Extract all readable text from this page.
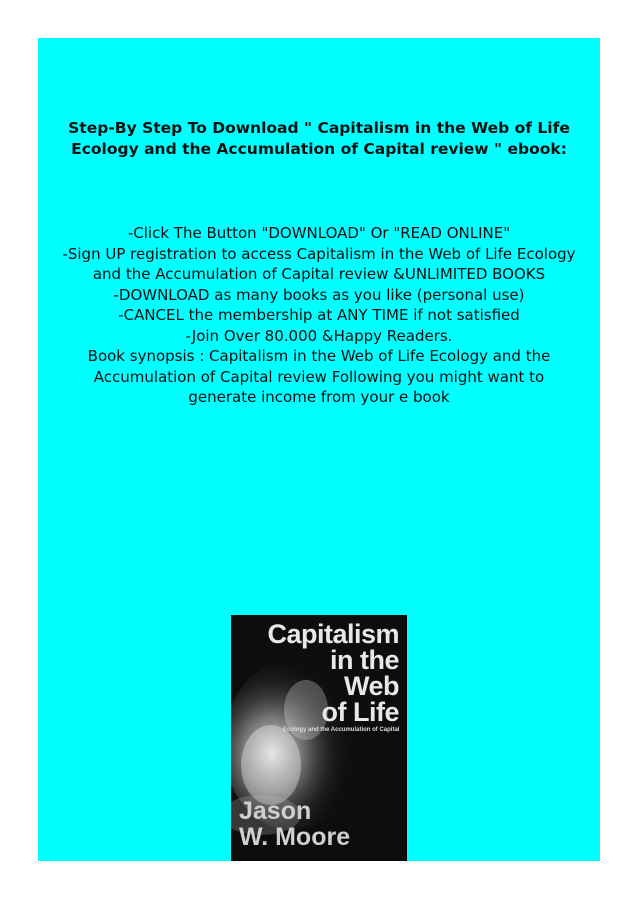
Step-By Step To Download " Capitalism in the Web of Life
Ecology and the Accumulation of Capital review " ebook:
-Click The Button "DOWNLOAD" Or "READ ONLINE"
-Sign UP registration to access Capitalism in the Web of Life Ecology
and the Accumulation of Capital review &UNLIMITED BOOKS
-DOWNLOAD as many books as you like (personal use)
-CANCEL the membership at ANY TIME if not satisfied
-Join Over 80.000 &Happy Readers.
Book synopsis : Capitalism in the Web of Life Ecology and the
Accumulation of Capital review Following you might want to
generate income from your e book
Capitalism
in the
Web
of Life
Ecology and the Accumulation of Capital
Jason
W. Moore
